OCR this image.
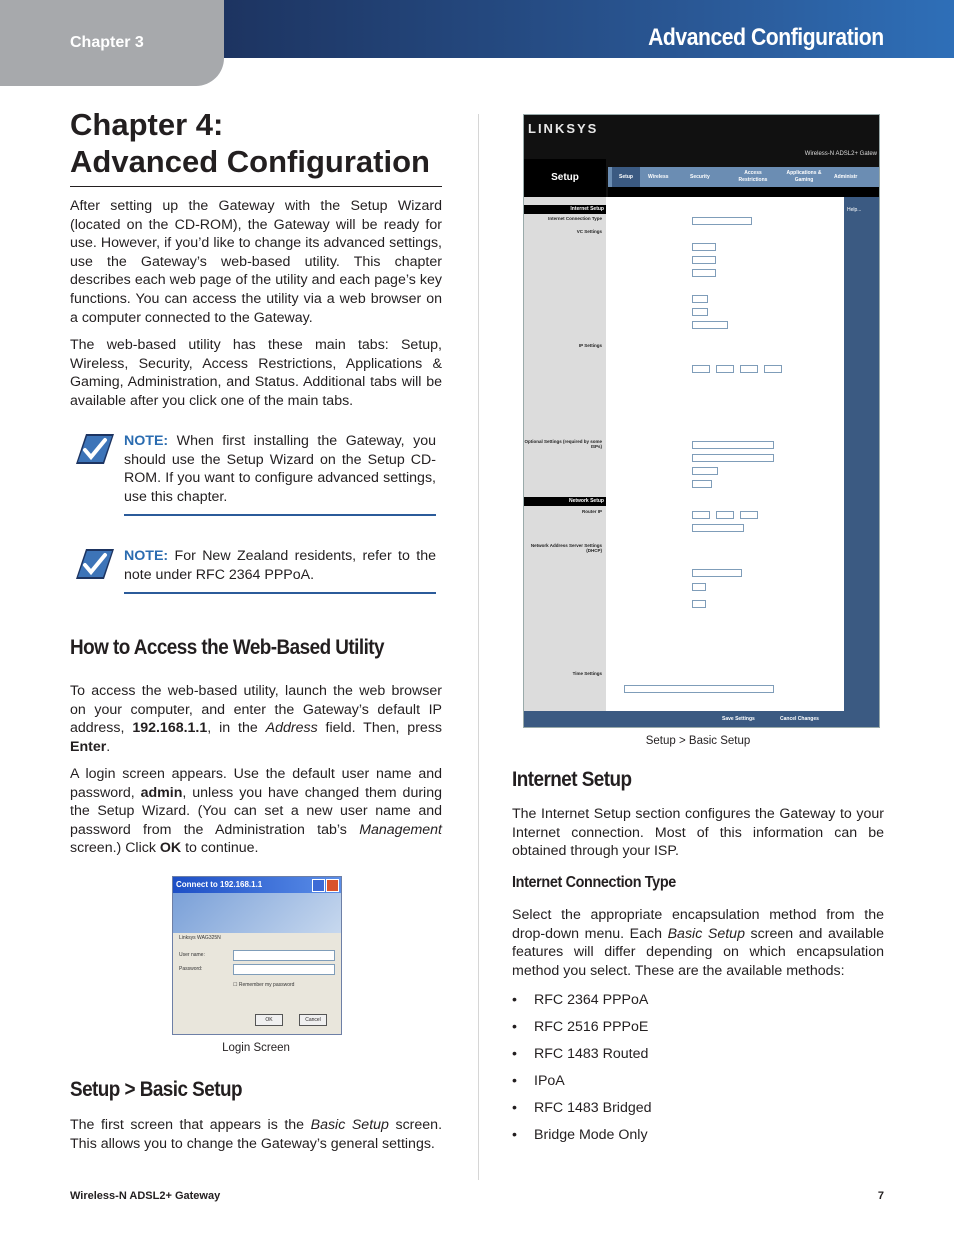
Chapter 3	Advanced Configuration
Chapter 4:
Advanced Configuration

After setting up the Gateway with the Setup Wizard (located on the CD-ROM), the Gateway will be ready for use. However, if you’d like to change its advanced settings, use the Gateway’s web-based utility. This chapter describes each web page of the utility and each page’s key functions. You can access the utility via a web browser on a computer connected to the Gateway.

The web-based utility has these main tabs: Setup, Wireless, Security, Access Restrictions, Applications & Gaming, Administration, and Status. Additional tabs will be available after you click one of the main tabs.

NOTE: When first installing the Gateway, you should use the Setup Wizard on the Setup CD-ROM. If you want to configure advanced settings, use this chapter.

NOTE: For New Zealand residents, refer to the note under RFC 2364 PPPoA.

How to Access the Web-Based Utility

To access the web-based utility, launch the web browser on your computer, and enter the Gateway’s default IP address, 192.168.1.1, in the Address field. Then, press Enter.

A login screen appears. Use the default user name and password, admin, unless you have changed them during the Setup Wizard. (You can set a new user name and password from the Administration tab’s Management screen.) Click OK to continue.

Connect to 192.168.1.1
Linksys WAG325N
User name:
Password:
☐ Remember my password
OK	Cancel
Login Screen
Setup > Basic Setup

The first screen that appears is the Basic Setup screen. This allows you to change the Gateway’s general settings.

LINKSYS
Wireless-N ADSL2+ Gatew
Setup	Setup	Wireless	Security
Access Restrictions
Applications & Gaming	Administr
Internet Setup
Internet Connection Type
VC Settings
IP Settings
Optional Settings (required by some ISPs)
Network Setup
Router IP
Network Address Server Settings (DHCP)
Time Settings
Help...
Save Settings	Cancel Changes
Setup > Basic Setup
Internet Setup

The Internet Setup section configures the Gateway to your Internet connection. Most of this information can be obtained through your ISP.

Internet Connection Type

Select the appropriate encapsulation method from the drop-down menu. Each Basic Setup screen and available features will differ depending on which encapsulation method you select. These are the available methods:

• RFC 2364 PPPoA
• RFC 2516 PPPoE
• RFC 1483 Routed
• IPoA
• RFC 1483 Bridged
• Bridge Mode Only
Wireless-N ADSL2+ Gateway	7
